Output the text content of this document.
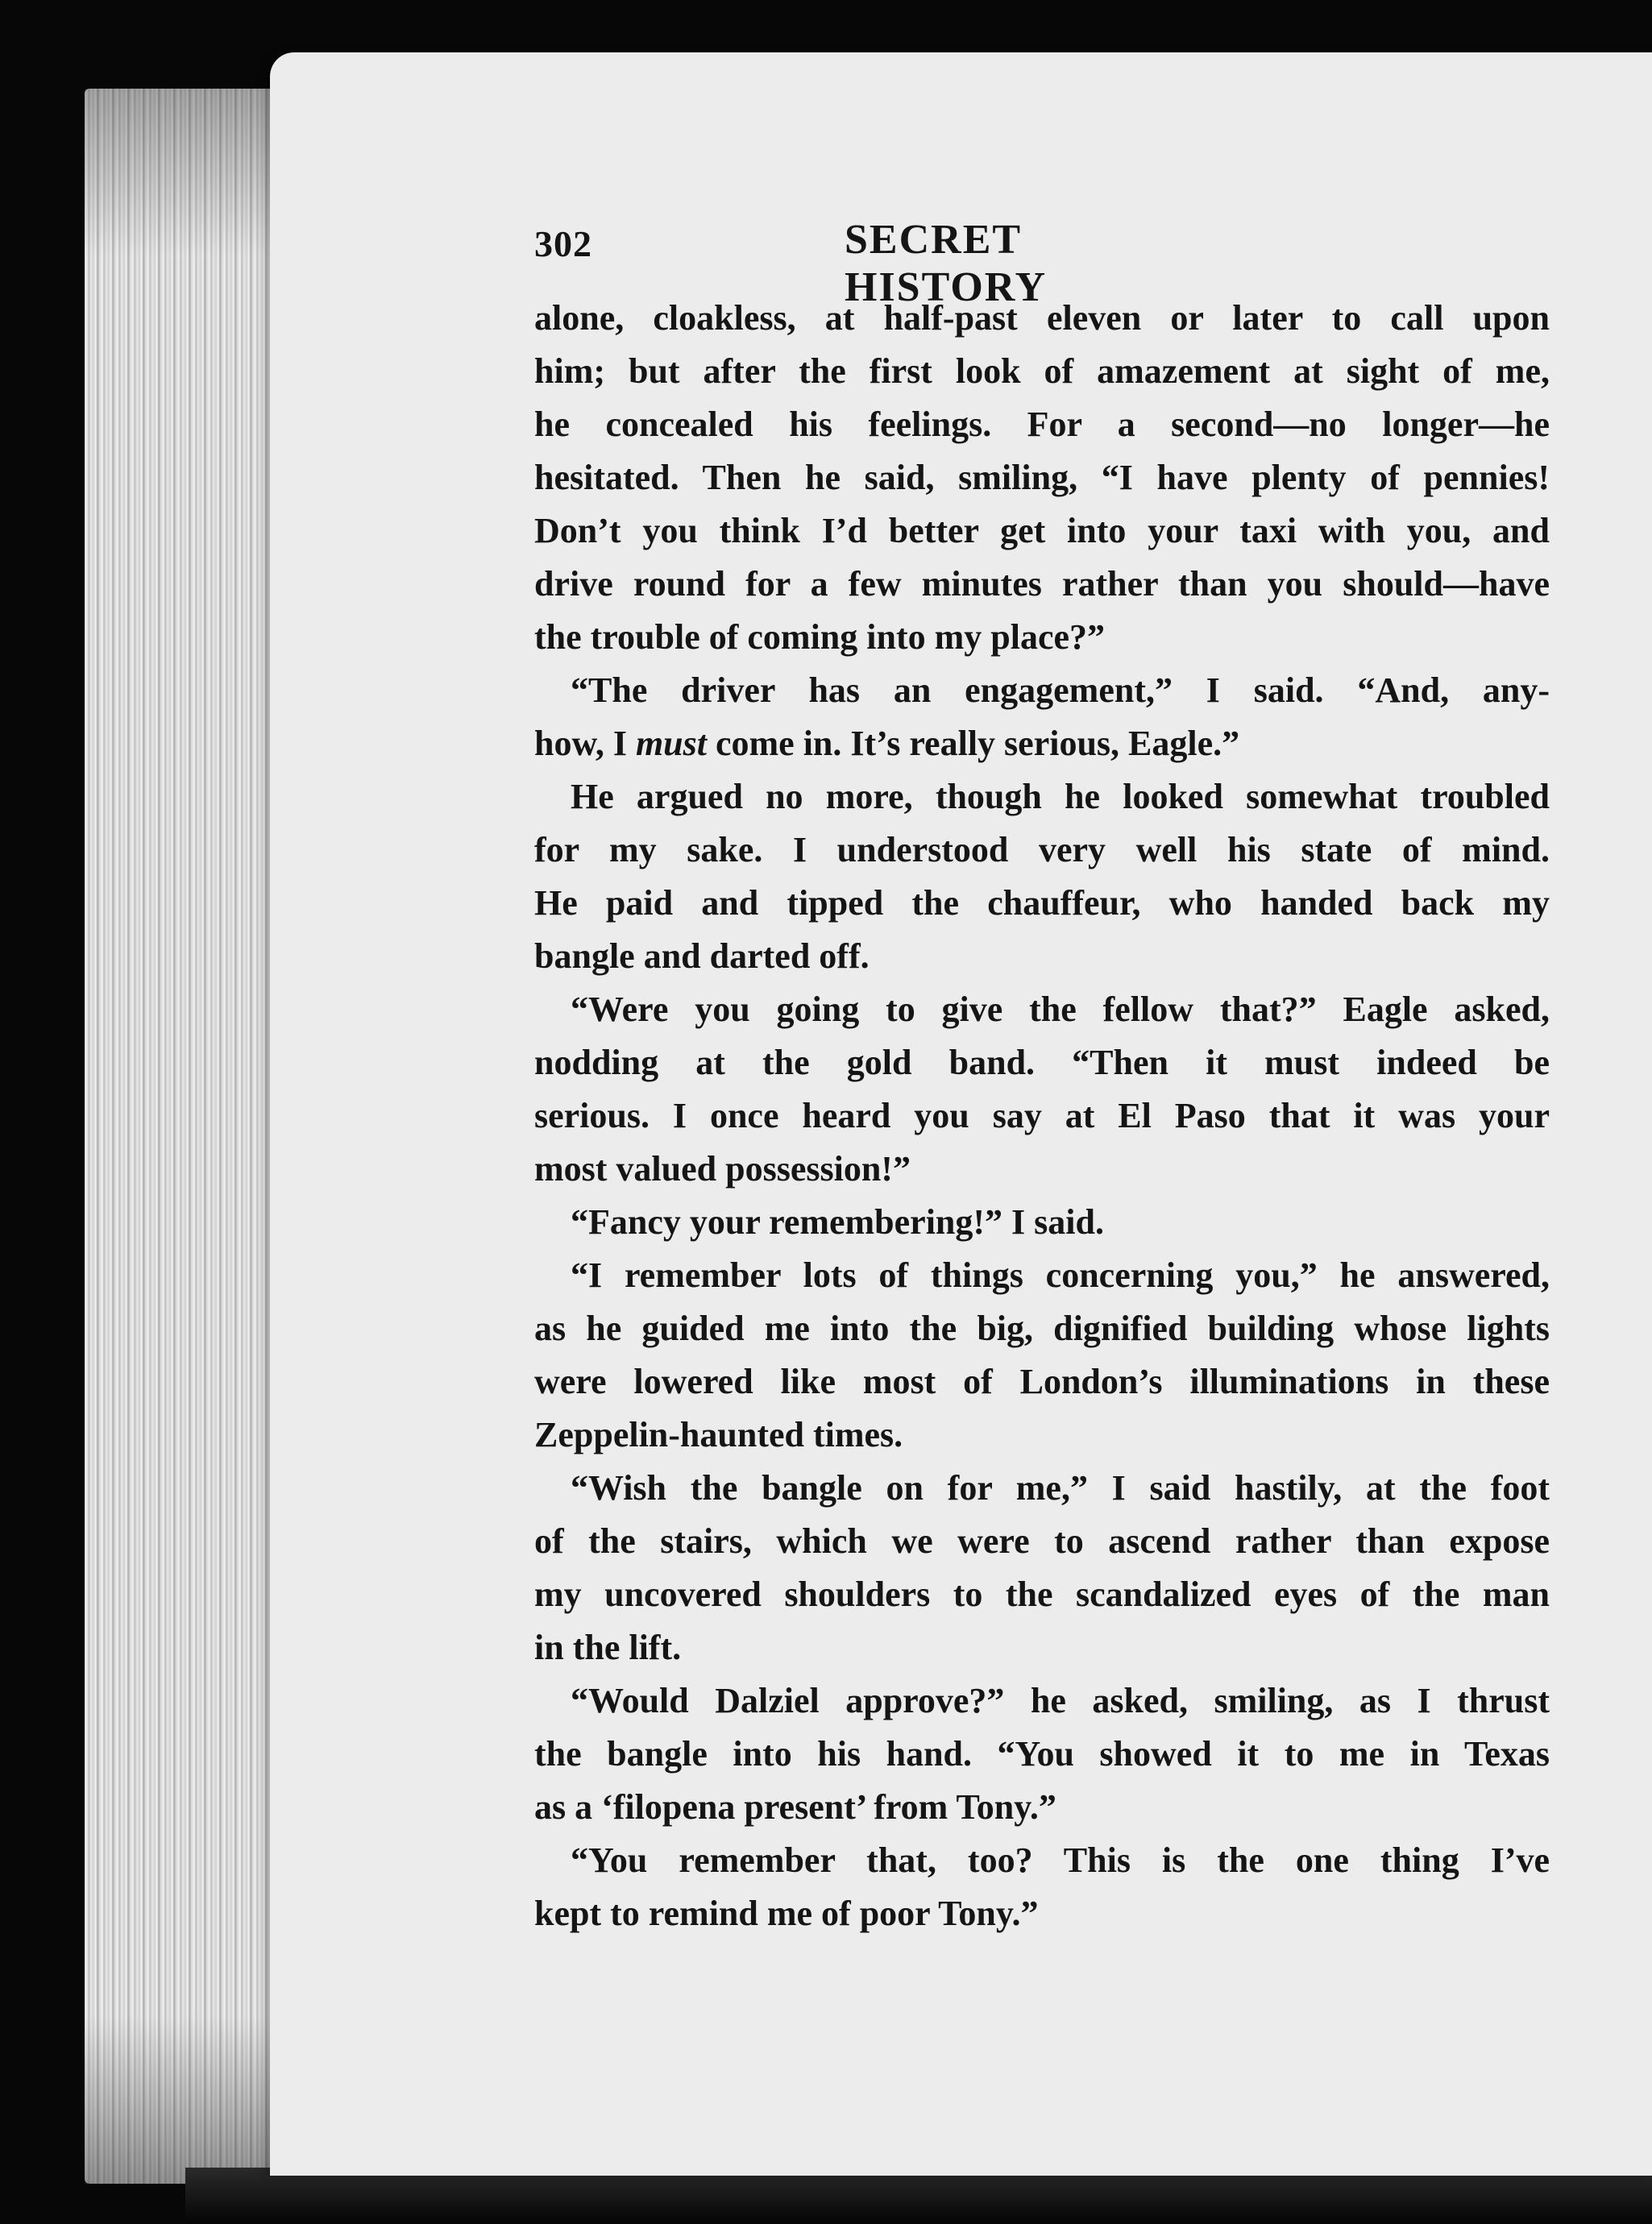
302	SECRET HISTORY

alone, cloakless, at half-past eleven or later to call upon
him; but after the first look of amazement at sight of me,
he concealed his feelings. For a second—no longer—he
hesitated. Then he said, smiling, “I have plenty of pennies!
Don’t you think I’d better get into your taxi with you, and
drive round for a few minutes rather than you should—have
the trouble of coming into my place?”

“The driver has an engagement,” I said. “And, any-
how, I must come in. It’s really serious, Eagle.”

He argued no more, though he looked somewhat troubled
for my sake. I understood very well his state of mind.
He paid and tipped the chauffeur, who handed back my
bangle and darted off.

“Were you going to give the fellow that?” Eagle asked,
nodding at the gold band. “Then it must indeed be
serious. I once heard you say at El Paso that it was your
most valued possession!”

“Fancy your remembering!” I said.

“I remember lots of things concerning you,” he answered,
as he guided me into the big, dignified building whose lights
were lowered like most of London’s illuminations in these
Zeppelin-haunted times.

“Wish the bangle on for me,” I said hastily, at the foot
of the stairs, which we were to ascend rather than expose
my uncovered shoulders to the scandalized eyes of the man
in the lift.

“Would Dalziel approve?” he asked, smiling, as I thrust
the bangle into his hand. “You showed it to me in Texas
as a ‘filopena present’ from Tony.”

“You remember that, too? This is the one thing I’ve
kept to remind me of poor Tony.”
